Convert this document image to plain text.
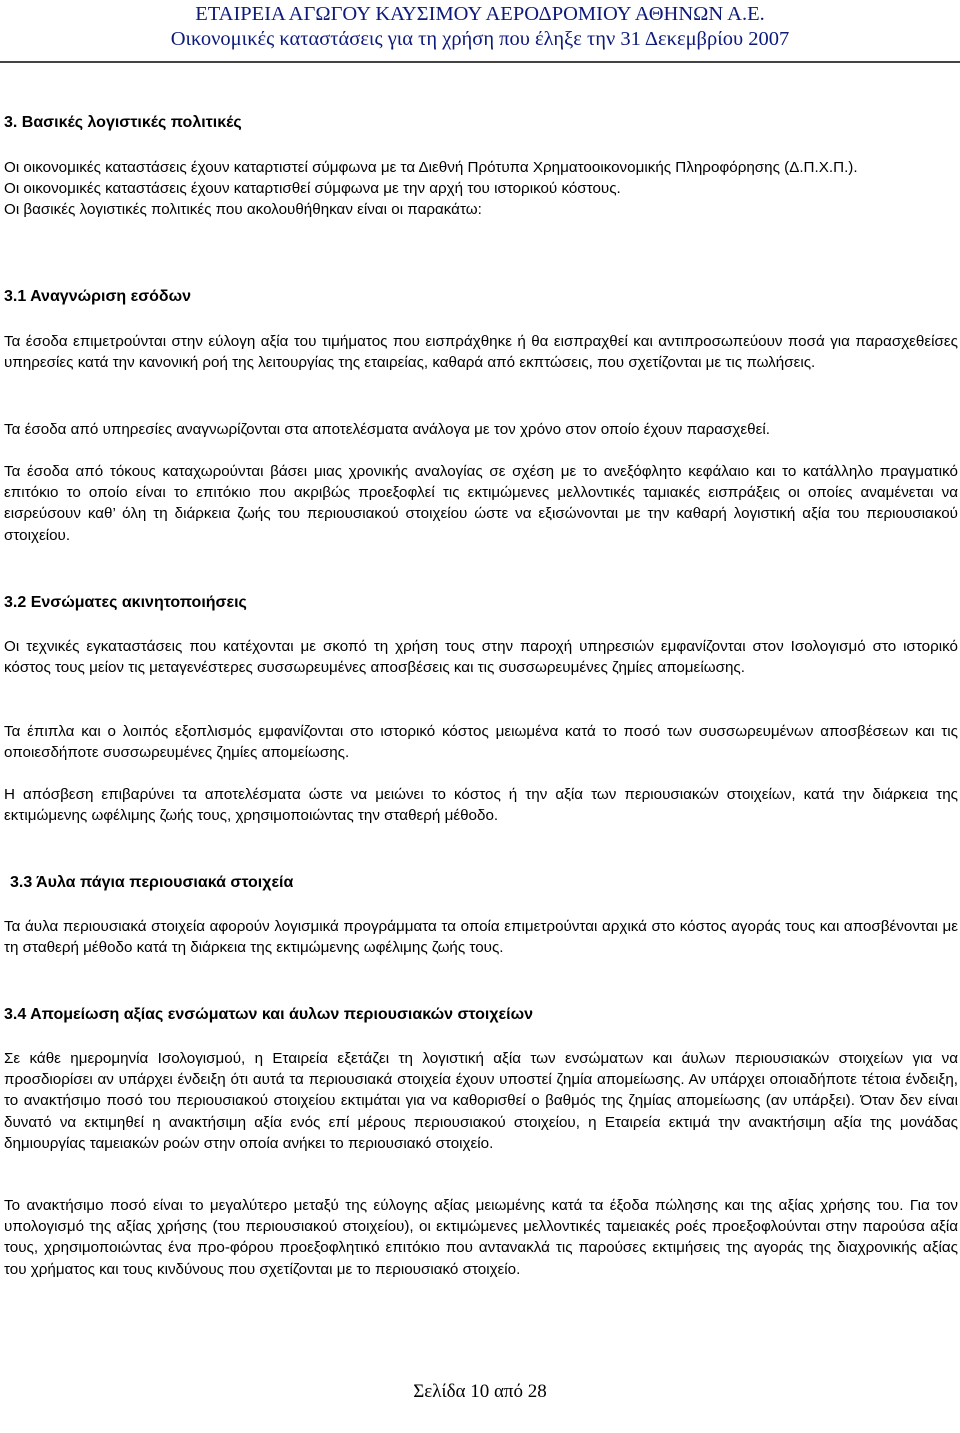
ΕΤΑΙΡΕΙΑ ΑΓΩΓΟΥ ΚΑΥΣΙΜΟΥ ΑΕΡΟΔΡΟΜΙΟΥ ΑΘΗΝΩΝ Α.Ε.
Οικονομικές καταστάσεις για τη χρήση που έληξε την 31 Δεκεμβρίου 2007

3. Βασικές λογιστικές πολιτικές

Οι οικονομικές καταστάσεις έχουν καταρτιστεί σύμφωνα με τα Διεθνή Πρότυπα Χρηματοοικονομικής Πληροφόρησης (Δ.Π.Χ.Π.).

Οι οικονομικές καταστάσεις έχουν καταρτισθεί σύμφωνα με την αρχή του ιστορικού κόστους.

Οι βασικές λογιστικές πολιτικές που ακολουθήθηκαν είναι οι παρακάτω:

3.1 Αναγνώριση εσόδων

Τα έσοδα επιμετρούνται στην εύλογη αξία του τιμήματος που εισπράχθηκε ή θα εισπραχθεί και αντιπροσωπεύουν ποσά για παρασχεθείσες υπηρεσίες κατά την κανονική ροή της λειτουργίας της εταιρείας, καθαρά από εκπτώσεις, που σχετίζονται με τις πωλήσεις.

Τα έσοδα από υπηρεσίες αναγνωρίζονται στα αποτελέσματα ανάλογα με τον χρόνο στον οποίο έχουν παρασχεθεί.

Τα έσοδα από τόκους καταχωρούνται βάσει μιας χρονικής αναλογίας σε σχέση με το ανεξόφλητο κεφάλαιο και το κατάλληλο πραγματικό επιτόκιο το οποίο είναι το επιτόκιο που ακριβώς προεξοφλεί τις εκτιμώμενες μελλοντικές ταμιακές εισπράξεις οι οποίες αναμένεται να εισρεύσουν καθ’ όλη τη διάρκεια ζωής του περιουσιακού στοιχείου ώστε να εξισώνονται με την καθαρή λογιστική αξία του περιουσιακού στοιχείου.

3.2 Ενσώματες ακινητοποιήσεις

Οι τεχνικές εγκαταστάσεις που κατέχονται με σκοπό τη χρήση τους στην παροχή υπηρεσιών εμφανίζονται στον Ισολογισμό στο ιστορικό κόστος τους μείον τις μεταγενέστερες συσσωρευμένες αποσβέσεις και τις συσσωρευμένες ζημίες απομείωσης.

Τα έπιπλα και ο λοιπός εξοπλισμός εμφανίζονται στο ιστορικό κόστος μειωμένα κατά το ποσό των συσσωρευμένων αποσβέσεων και τις οποιεσδήποτε συσσωρευμένες ζημίες απομείωσης.

Η απόσβεση επιβαρύνει τα αποτελέσματα ώστε να μειώνει το κόστος ή την αξία των περιουσιακών στοιχείων, κατά την διάρκεια της εκτιμώμενης ωφέλιμης ζωής τους, χρησιμοποιώντας την σταθερή μέθοδο.

3.3 Άυλα πάγια περιουσιακά στοιχεία

Τα άυλα περιουσιακά στοιχεία αφορούν λογισμικά προγράμματα τα οποία επιμετρούνται αρχικά στο κόστος αγοράς τους και αποσβένονται με τη σταθερή μέθοδο κατά τη διάρκεια της εκτιμώμενης ωφέλιμης ζωής τους.

3.4 Απομείωση αξίας ενσώματων και άυλων περιουσιακών στοιχείων

Σε κάθε ημερομηνία Ισολογισμού, η Εταιρεία εξετάζει τη λογιστική αξία των ενσώματων και άυλων περιουσιακών στοιχείων για να προσδιορίσει αν υπάρχει ένδειξη ότι αυτά τα περιουσιακά στοιχεία έχουν υποστεί ζημία απομείωσης. Αν υπάρχει οποιαδήποτε τέτοια ένδειξη, το ανακτήσιμο ποσό του περιουσιακού στοιχείου εκτιμάται για να καθορισθεί ο βαθμός της ζημίας απομείωσης (αν υπάρξει). Όταν δεν είναι δυνατό να εκτιμηθεί η ανακτήσιμη αξία ενός επί μέρους περιουσιακού στοιχείου, η Εταιρεία εκτιμά την ανακτήσιμη αξία της μονάδας δημιουργίας ταμειακών ροών στην οποία ανήκει το περιουσιακό στοιχείο.

Το ανακτήσιμο ποσό είναι το μεγαλύτερο μεταξύ της εύλογης αξίας μειωμένης κατά τα έξοδα πώλησης και της αξίας χρήσης του. Για τον υπολογισμό της αξίας χρήσης (του περιουσιακού στοιχείου), οι εκτιμώμενες μελλοντικές ταμειακές ροές προεξοφλούνται στην παρούσα αξία τους, χρησιμοποιώντας ένα προ-φόρου προεξοφλητικό επιτόκιο που αντανακλά τις παρούσες εκτιμήσεις της αγοράς της διαχρονικής αξίας του χρήματος και τους κινδύνους που σχετίζονται με το περιουσιακό στοιχείο.

Σελίδα 10 από 28
